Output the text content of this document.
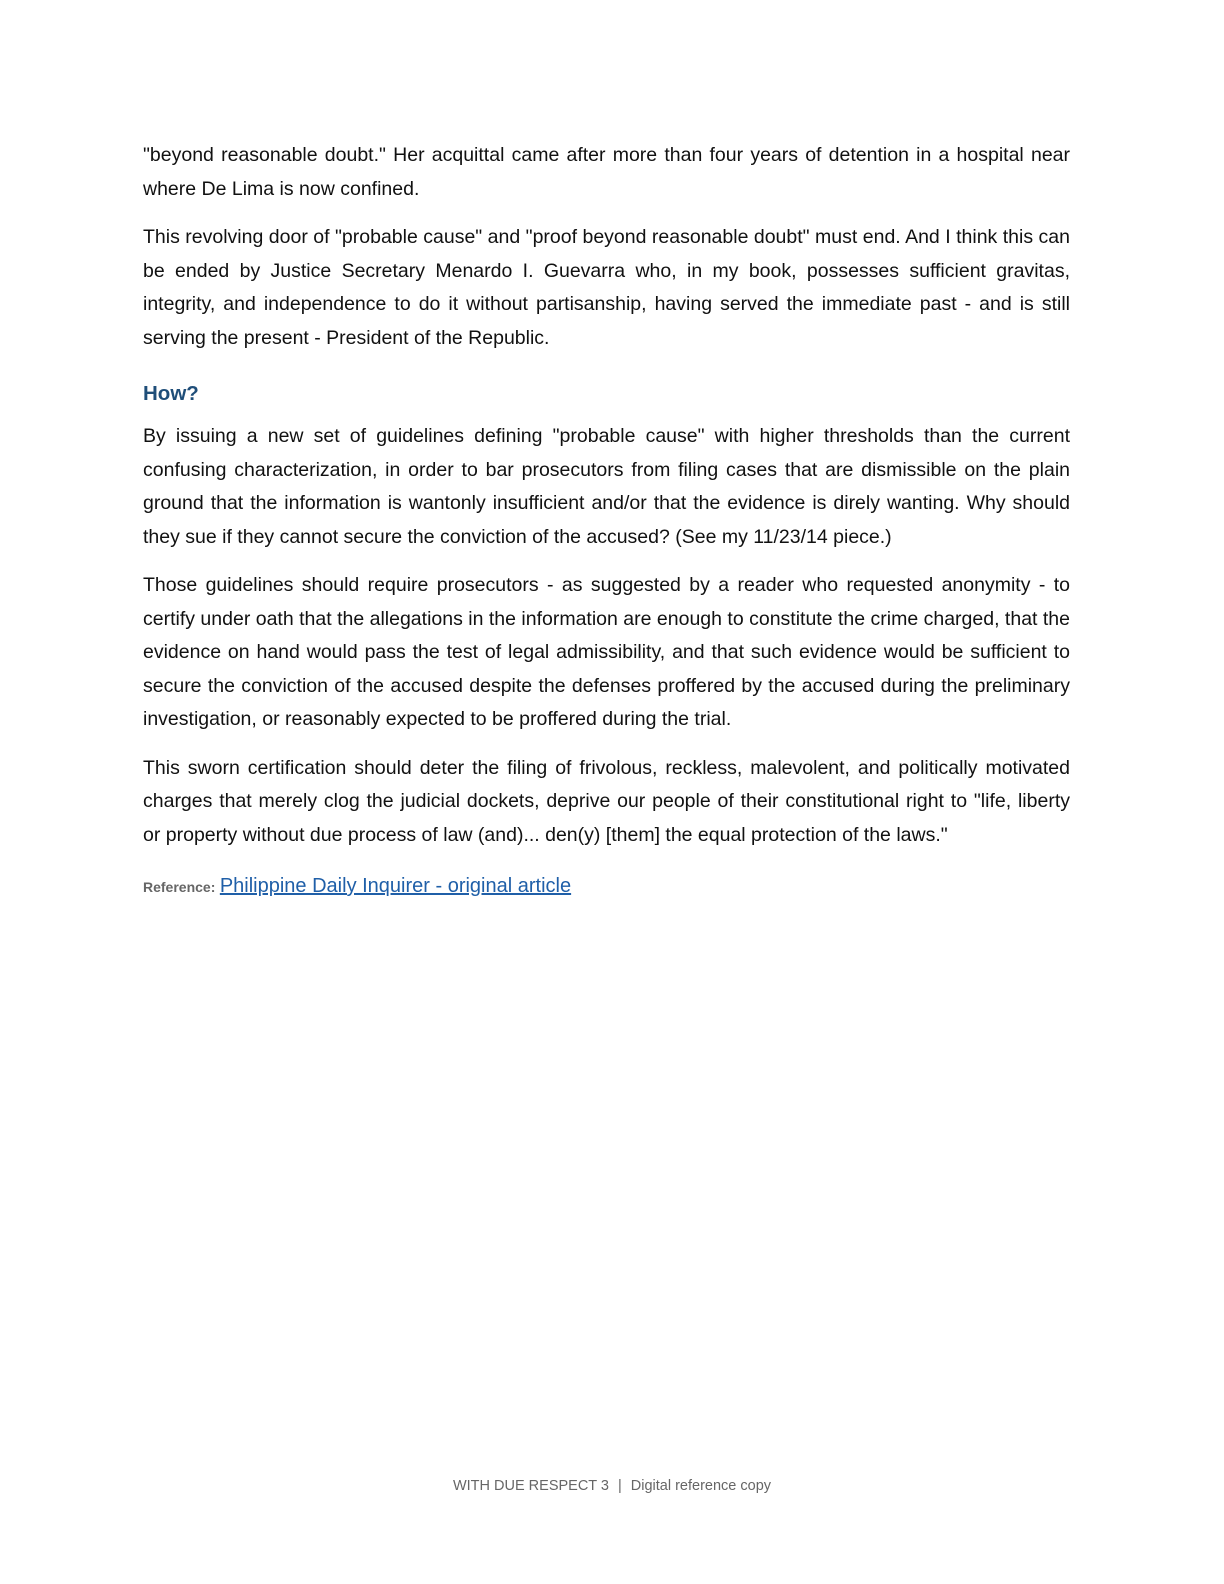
"beyond reasonable doubt." Her acquittal came after more than four years of detention in a hospital near where De Lima is now confined.

This revolving door of "probable cause" and "proof beyond reasonable doubt" must end. And I think this can be ended by Justice Secretary Menardo I. Guevarra who, in my book, possesses sufficient gravitas, integrity, and independence to do it without partisanship, having served the immediate past - and is still serving the present - President of the Republic.

How?

By issuing a new set of guidelines defining "probable cause" with higher thresholds than the current confusing characterization, in order to bar prosecutors from filing cases that are dismissible on the plain ground that the information is wantonly insufficient and/or that the evidence is direly wanting. Why should they sue if they cannot secure the conviction of the accused? (See my 11/23/14 piece.)

Those guidelines should require prosecutors - as suggested by a reader who requested anonymity - to certify under oath that the allegations in the information are enough to constitute the crime charged, that the evidence on hand would pass the test of legal admissibility, and that such evidence would be sufficient to secure the conviction of the accused despite the defenses proffered by the accused during the preliminary investigation, or reasonably expected to be proffered during the trial.

This sworn certification should deter the filing of frivolous, reckless, malevolent, and politically motivated charges that merely clog the judicial dockets, deprive our people of their constitutional right to "life, liberty or property without due process of law (and)... den(y) [them] the equal protection of the laws."

Reference: Philippine Daily Inquirer - original article
WITH DUE RESPECT 3 | Digital reference copy
